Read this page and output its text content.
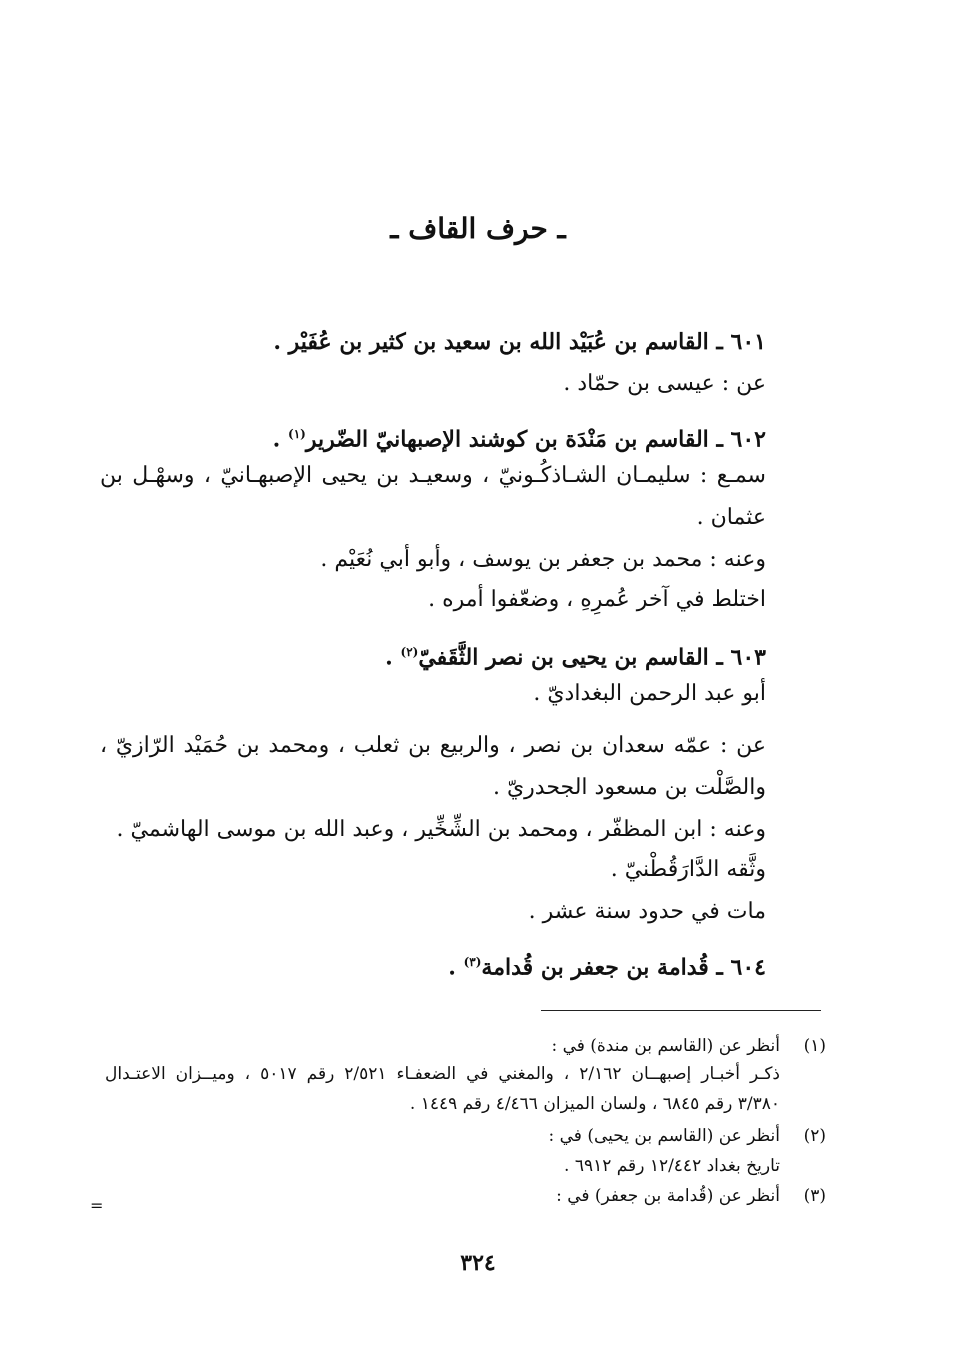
ـ حرف القاف ـ
٦٠١ ـ القاسم بن عُبَيْد الله بن سعيد بن كثير بن عُفَيْر .
عن : عيسى بن حمّاد .
٦٠٢ ـ القاسم بن مَنْدَة بن كوشند الإصبهانيّ الضّرير$^{(١)}$ .
سمـع : سليمـان الشـاذكُـونيّ ، وسعيـد بن يحيى الإصبهـانيّ ، وسهْـل بن
عثمان .
وعنه : محمد بن جعفر بن يوسف ، وأبو أبي نُعَيْم .
اختلط في آخر عُمرِهِ ، وضعّفوا أمره .
٦٠٣ ـ القاسم بن يحيى بن نصر الثَّقَفيّ$^{(٢)}$ .
أبو عبد الرحمن البغداديّ .
عن : عمّه سعدان بن نصر ، والربيع بن ثعلب ، ومحمد بن حُمَيْد الرّازيّ ،
والصَّلْت بن مسعود الجحدريّ .
وعنه : ابن المظفّر ، ومحمد بن الشِّخِّير ، وعبد الله بن موسى الهاشميّ .
وثَّقه الدَّارَقُطْنيّ .
مات في حدود سنة عشر .
٦٠٤ ـ قُدامة بن جعفر بن قُدامة$^{(٣)}$ .
(١)
أنظر عن (القاسم بن مندة) في :
ذكـر أخبـار إصبهــان ٢/١٦٢ ، والمغني في الضعفـاء ٢/٥٢١ رقم ٥٠١٧ ، وميــزان الاعتـدال
٣/٣٨٠ رقم ٦٨٤٥ ، ولسان الميزان ٤/٤٦٦ رقم ١٤٤٩ .
(٢)
أنظر عن (القاسم بن يحيى) في :
تاريخ بغداد ١٢/٤٤٢ رقم ٦٩١٢ .
(٣)
أنظر عن (قُدامة بن جعفر) في :
=
٣٢٤
